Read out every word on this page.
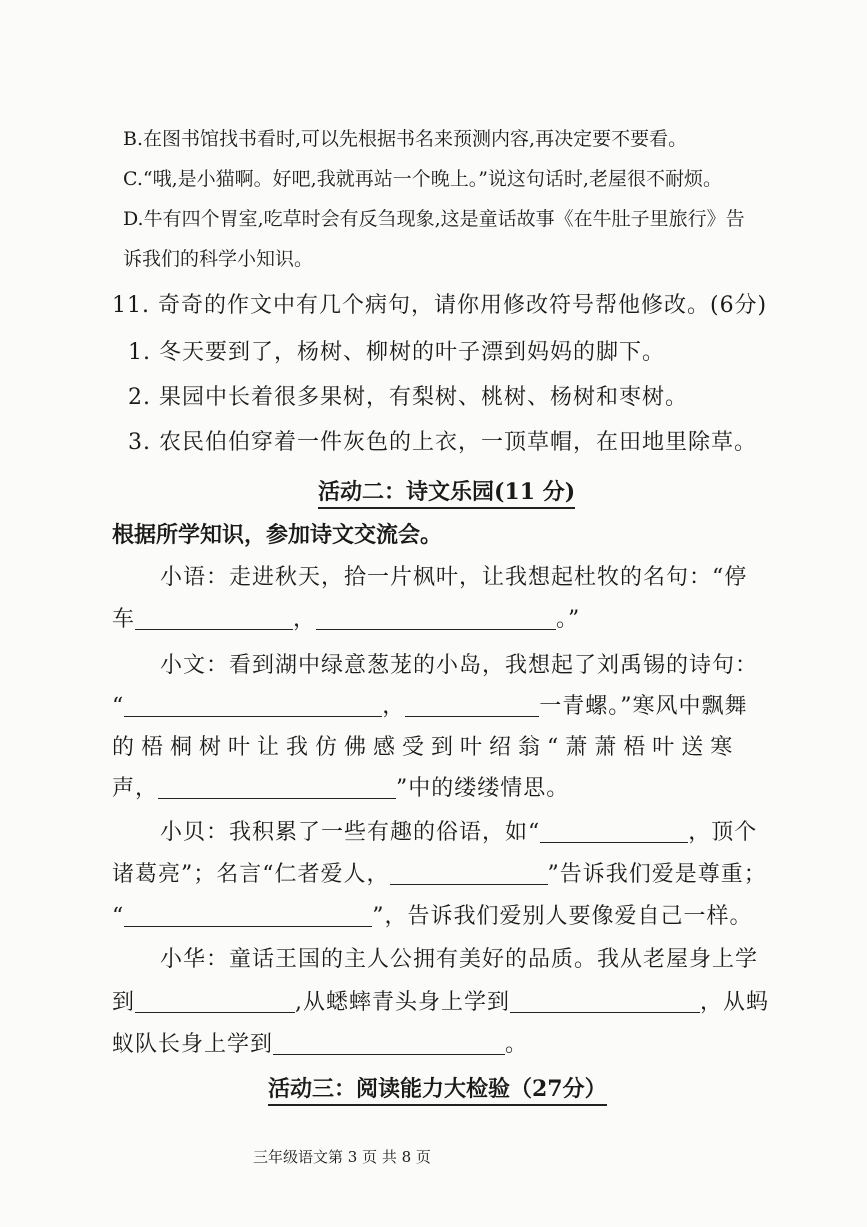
B.在图书馆找书看时,可以先根据书名来预测内容,再决定要不要看。
C.“哦,是小猫啊。好吧,我就再站一个晚上。”说这句话时,老屋很不耐烦。
D.牛有四个胃室,吃草时会有反刍现象,这是童话故事《在牛肚子里旅行》告
诉我们的科学小知识。
11. 奇奇的作文中有几个病句，请你用修改符号帮他修改。(6分)
1. 冬天要到了，杨树、柳树的叶子漂到妈妈的脚下。
2. 果园中长着很多果树，有梨树、桃树、杨树和枣树。
3. 农民伯伯穿着一件灰色的上衣，一顶草帽，在田地里除草。
活动二：诗文乐园(11 分)
根据所学知识，参加诗文交流会。
小语：走进秋天，拾一片枫叶，让我想起杜牧的名句：“停
车	，	。”
小文：看到湖中绿意葱茏的小岛，我想起了刘禹锡的诗句：
“	，	一青螺。”寒风中飘舞
的梧桐树叶让我仿佛感受到叶绍翁“萧萧梧叶送寒
声，	”中的缕缕情思。
小贝：我积累了一些有趣的俗语，如“	，顶个
诸葛亮”；名言“仁者爱人，	”告诉我们爱是尊重；
“	”，告诉我们爱别人要像爱自己一样。
小华：童话王国的主人公拥有美好的品质。我从老屋身上学
到	,从蟋蟀青头身上学到	，从蚂
蚁队长身上学到	。
活动三：阅读能力大检验（27分）
三年级语文第 3 页 共 8 页
